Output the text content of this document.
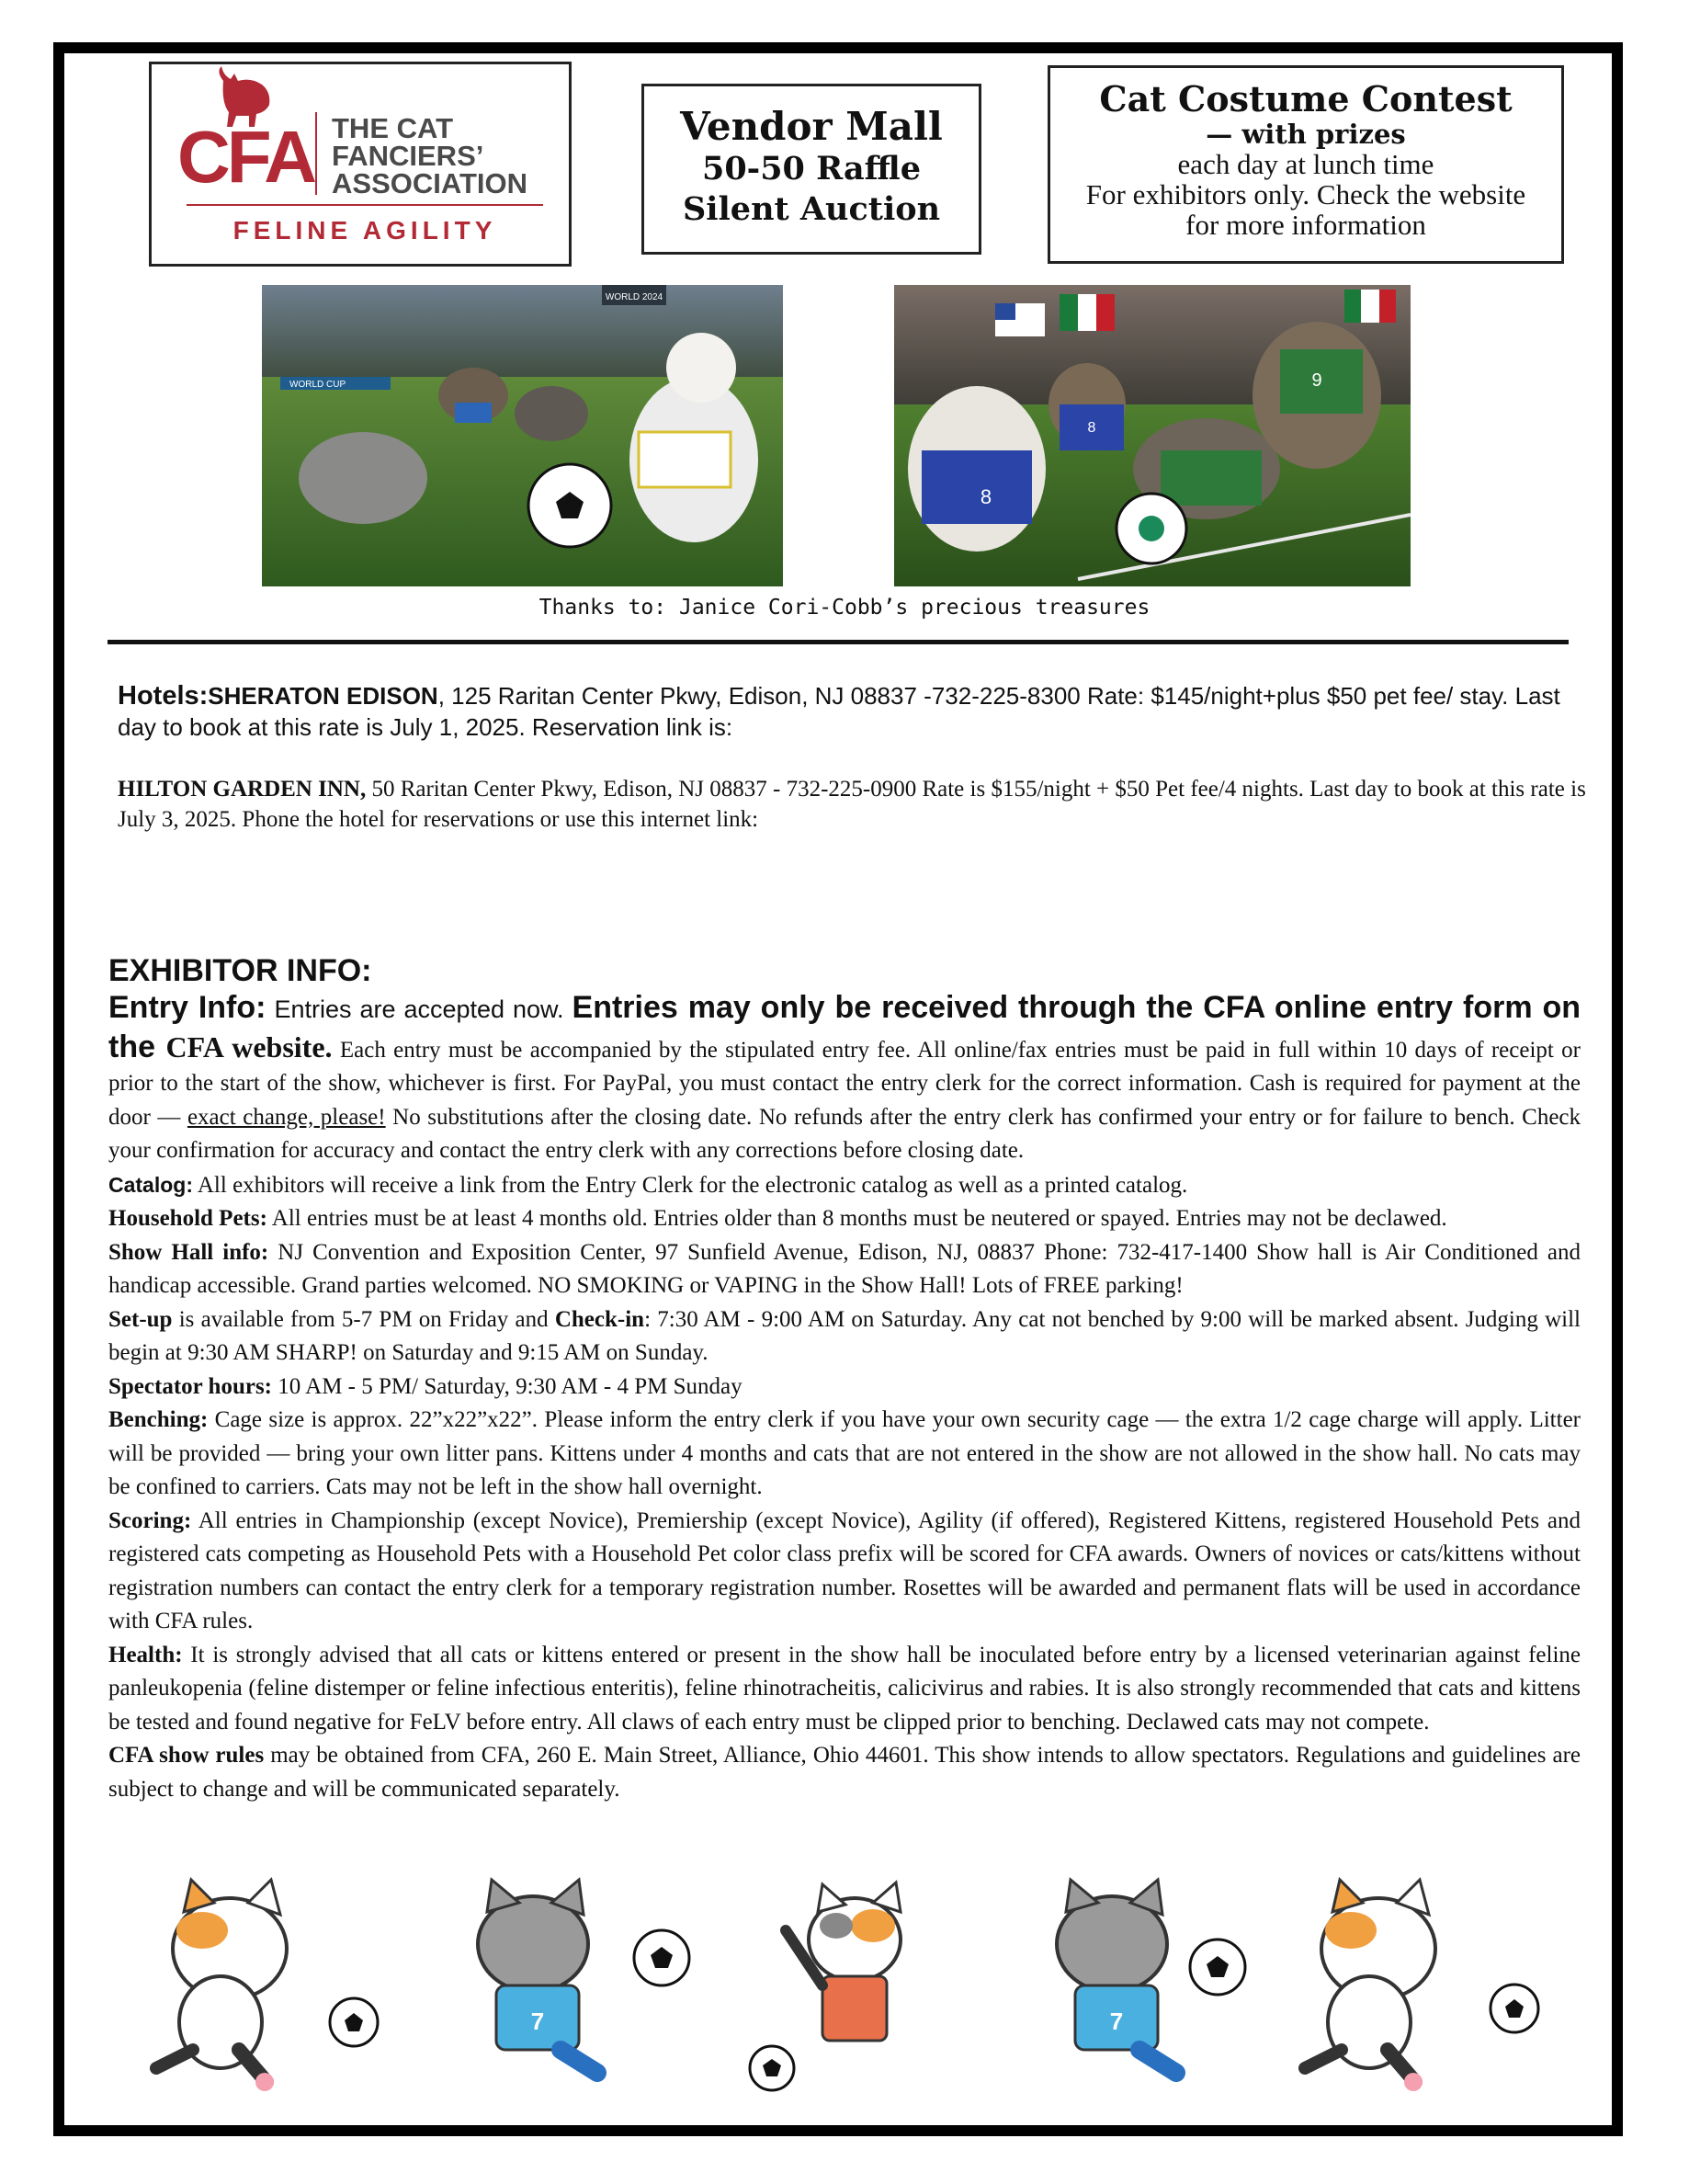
CFA THE CAT
FANCIERS’
ASSOCIATION
FELINE AGILITY
Vendor Mall
50-50 Raffle
Silent Auction
Cat Costume Contest
— with prizes
each day at lunch time
For exhibitors only. Check the website
for more information
WORLD 2024
WORLD CUP
8
8
9
Thanks to: Janice Cori-Cobb’s precious treasures
Hotels:SHERATON EDISON, 125 Raritan Center Pkwy, Edison, NJ 08837 -732-225-8300 Rate: $145/night+plus $50 pet fee/ stay. Last day to book at this rate is July 1, 2025. Reservation link is:
HILTON GARDEN INN, 50 Raritan Center Pkwy, Edison, NJ 08837 - 732-225-0900 Rate is $155/night + $50 Pet fee/4 nights. Last day to book at this rate is July 3, 2025. Phone the hotel for reservations or use this internet link:
EXHIBITOR INFO:

Entry Info: Entries are accepted now. Entries may only be received through the CFA online entry form on the CFA website. Each entry must be accompanied by the stipulated entry fee. All online/fax entries must be paid in full within 10 days of receipt or prior to the start of the show, whichever is first. For PayPal, you must contact the entry clerk for the correct information. Cash is required for payment at the door — exact change, please! No substitutions after the closing date. No refunds after the entry clerk has confirmed your entry or for failure to bench. Check your confirmation for accuracy and contact the entry clerk with any corrections before closing date.

Catalog: All exhibitors will receive a link from the Entry Clerk for the electronic catalog as well as a printed catalog.

Household Pets: All entries must be at least 4 months old. Entries older than 8 months must be neutered or spayed. Entries may not be declawed.

Show Hall info: NJ Convention and Exposition Center, 97 Sunfield Avenue, Edison, NJ, 08837 Phone: 732-417-1400 Show hall is Air Conditioned and handicap accessible. Grand parties welcomed. NO SMOKING or VAPING in the Show Hall! Lots of FREE parking!

Set-up is available from 5-7 PM on Friday and Check-in: 7:30 AM - 9:00 AM on Saturday. Any cat not benched by 9:00 will be marked absent. Judging will begin at 9:30 AM SHARP! on Saturday and 9:15 AM on Sunday.

Spectator hours: 10 AM - 5 PM/ Saturday, 9:30 AM - 4 PM Sunday

Benching: Cage size is approx. 22”x22”x22”. Please inform the entry clerk if you have your own security cage — the extra 1/2 cage charge will apply. Litter will be provided — bring your own litter pans. Kittens under 4 months and cats that are not entered in the show are not allowed in the show hall. No cats may be confined to carriers. Cats may not be left in the show hall overnight.

Scoring: All entries in Championship (except Novice), Premiership (except Novice), Agility (if offered), Registered Kittens, registered Household Pets and registered cats competing as Household Pets with a Household Pet color class prefix will be scored for CFA awards. Owners of novices or cats/kittens without registration numbers can contact the entry clerk for a temporary registration number. Rosettes will be awarded and permanent flats will be used in accordance with CFA rules.

Health: It is strongly advised that all cats or kittens entered or present in the show hall be inoculated before entry by a licensed veterinarian against feline panleukopenia (feline distemper or feline infectious enteritis), feline rhinotracheitis, calicivirus and rabies. It is also strongly recommended that cats and kittens be tested and found negative for FeLV before entry. All claws of each entry must be clipped prior to benching. Declawed cats may not compete.

CFA show rules may be obtained from CFA, 260 E. Main Street, Alliance, Ohio 44601. This show intends to allow spectators. Regulations and guidelines are subject to change and will be communicated separately.

7	7
